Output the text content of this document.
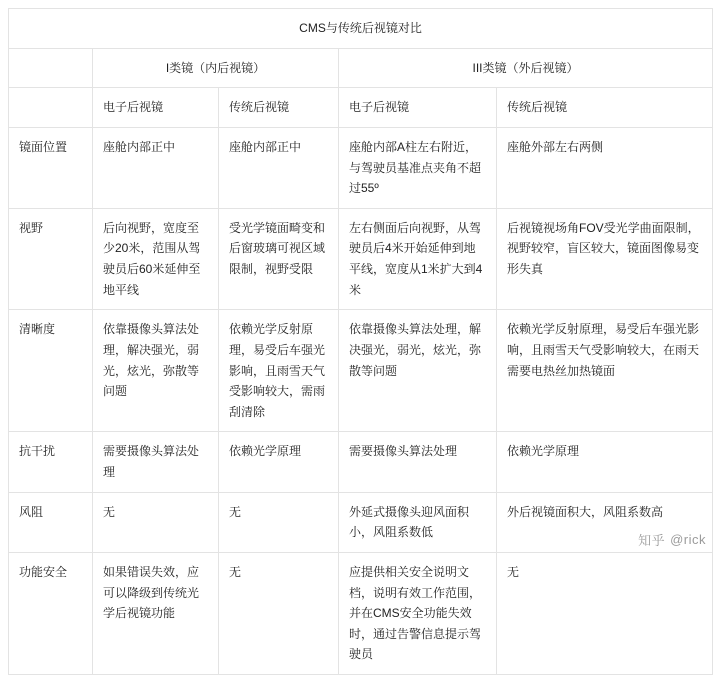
CMS与传统后视镜对比				
	I类镜（内后视镜）		III类镜（外后视镜）	
	电子后视镜	传统后视镜	电子后视镜	传统后视镜
镜面位置	座舱内部正中	座舱内部正中	座舱内部A柱左右附近，与驾驶员基准点夹角不超过55º	座舱外部左右两侧
视野	后向视野，宽度至少20米，范围从驾驶员后60米延伸至地平线	受光学镜面畸变和后窗玻璃可视区域限制，视野受限	左右侧面后向视野，从驾驶员后4米开始延伸到地平线，宽度从1米扩大到4米	后视镜视场角FOV受光学曲面限制，视野较窄，盲区较大，镜面图像易变形失真
清晰度	依靠摄像头算法处理，解决强光，弱光，炫光，弥散等问题	依赖光学反射原理，易受后车强光影响，且雨雪天气受影响较大，需雨刮清除	依靠摄像头算法处理，解决强光，弱光，炫光，弥散等问题	依赖光学反射原理，易受后车强光影响，且雨雪天气受影响较大，在雨天需要电热丝加热镜面
抗干扰	需要摄像头算法处理	依赖光学原理	需要摄像头算法处理	依赖光学原理
风阻	无	无	外延式摄像头迎风面积小，风阻系数低	外后视镜面积大，风阻系数高
功能安全	如果错误失效，应可以降级到传统光学后视镜功能	无	应提供相关安全说明文档，说明有效工作范围，并在CMS安全功能失效时，通过告警信息提示驾驶员	无
知乎 @rick
